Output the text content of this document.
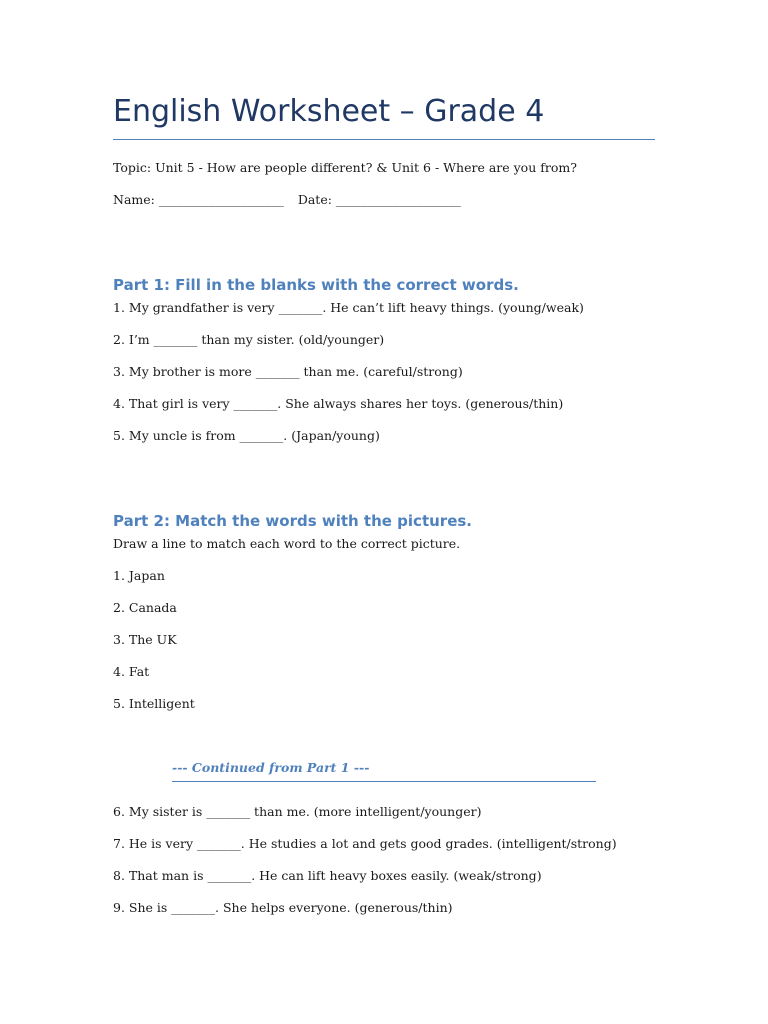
English Worksheet – Grade 4
Topic: Unit 5 - How are people different? & Unit 6 - Where are you from?
Name: ____________________ Date: ____________________
Part 1: Fill in the blanks with the correct words.
1. My grandfather is very _______. He can’t lift heavy things. (young/weak)
2. I’m _______ than my sister. (old/younger)
3. My brother is more _______ than me. (careful/strong)
4. That girl is very _______. She always shares her toys. (generous/thin)
5. My uncle is from _______. (Japan/young)
Part 2: Match the words with the pictures.
Draw a line to match each word to the correct picture.
1. Japan
2. Canada
3. The UK
4. Fat
5. Intelligent
--- Continued from Part 1 ---
6. My sister is _______ than me. (more intelligent/younger)
7. He is very _______. He studies a lot and gets good grades. (intelligent/strong)
8. That man is _______. He can lift heavy boxes easily. (weak/strong)
9. She is _______. She helps everyone. (generous/thin)
